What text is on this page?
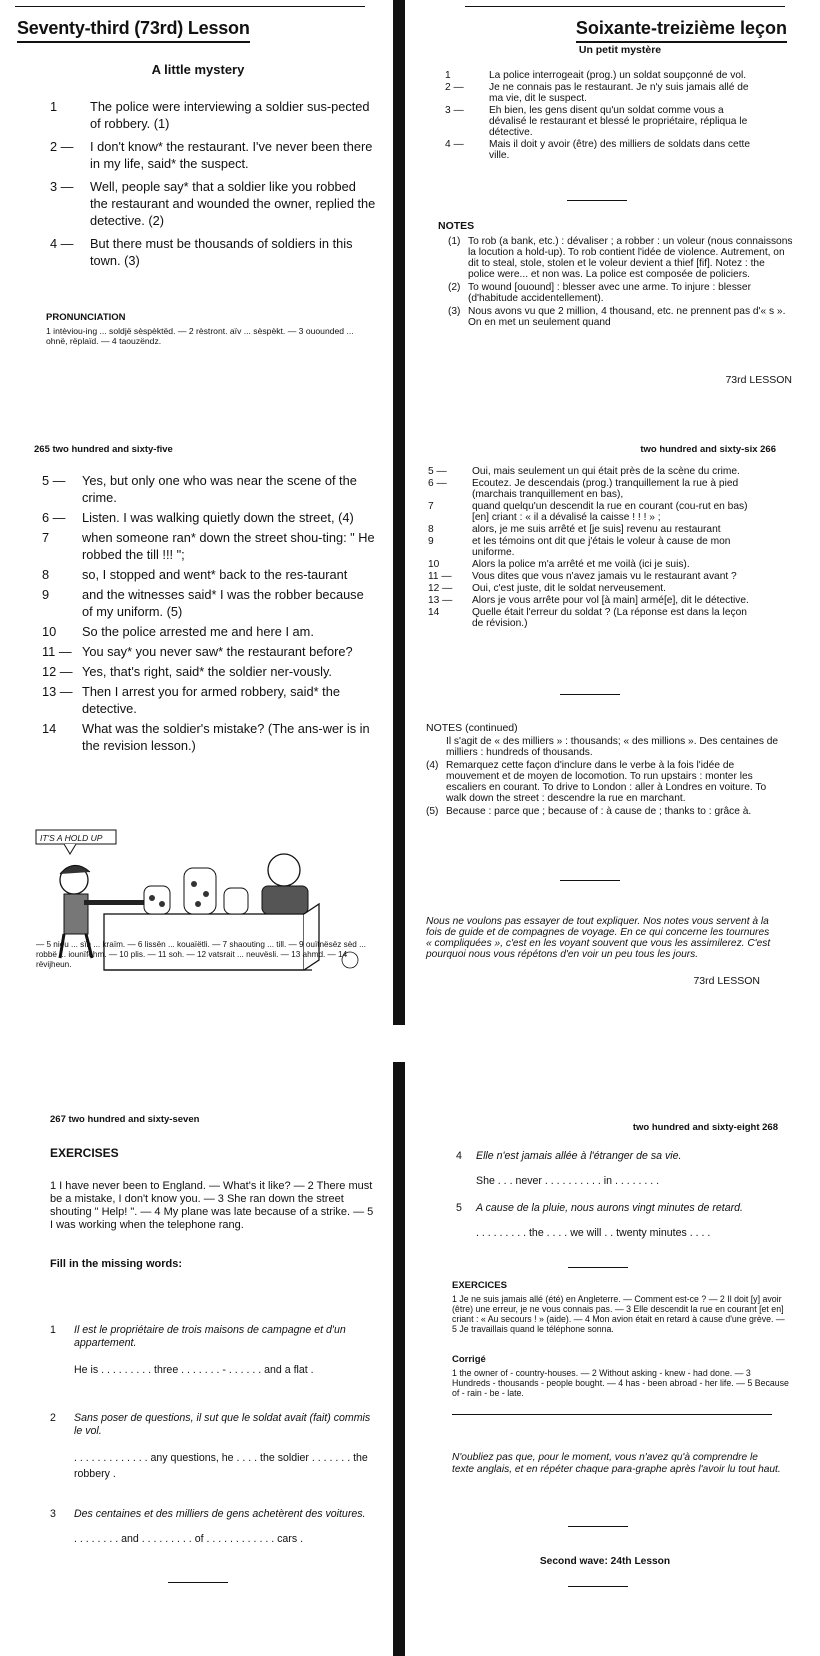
Seventy-third (73rd) Lesson	Soixante-treizième leçon

A little mystery

1	The police were interviewing a soldier sus-pected of robbery. (1)
2 —	I don't know* the restaurant. I've never been there in my life, said* the suspect.
3 —	Well, people say* that a soldier like you robbed the restaurant and wounded the owner, replied the detective. (2)
4 —	But there must be thousands of soldiers in this town. (3)

PRONUNCIATION

1 intèviou-ing ... soldjë sèspèktëd. — 2 rèstront. aïv ... sèspèkt. — 3 ouounded ... ohnë, rëplaïd. — 4 taouzëndz.

Un petit mystère

1	La police interrogeait (prog.) un soldat soupçonné de vol.
2 —	Je ne connais pas le restaurant. Je n'y suis jamais allé de ma vie, dit le suspect.
3 —	Eh bien, les gens disent qu'un soldat comme vous a dévalisé le restaurant et blessé le propriétaire, répliqua le détective.
4 —	Mais il doit y avoir (être) des milliers de soldats dans cette ville.

NOTES

(1) To rob (a bank, etc.) : dévaliser ; a robber : un voleur (nous connaissons la locution a hold-up). To rob contient l'idée de violence. Autrement, on dit to steal, stole, stolen et le voleur devient a thief [fif]. Notez : the police were... et non was. La police est composée de policiers.
(2) To wound [ouound] : blesser avec une arme. To injure : blesser (d'habitude accidentellement).
(3) Nous avons vu que 2 million, 4 thousand, etc. ne prennent pas d'« s ». On en met un seulement quand

73rd LESSON

265 two hundred and sixty-five

5 —	Yes, but only one who was near the scene of the crime.
6 —	Listen. I was walking quietly down the street, (4)
7	when someone ran* down the street shou-ting: " He robbed the till !!! ";
8	so, I stopped and went* back to the res-taurant
9	and the witnesses said* I was the robber because of my uniform. (5)
10	So the police arrested me and here I am.
11 — You say* you never saw* the restaurant before?
12 — Yes, that's right, said* the soldier ner-vously.
13 — Then I arrest you for armed robbery, said* the detective.
14	What was the soldier's mistake? (The ans-wer is in the revision lesson.)
IT'S A HOLD UP

— 5 nieu ... sïn ... kraïm. — 6 lissën ... kouaïëtli. — 7 shaouting ... till. — 9 ouïtnësëz sèd ... robbë ... iounïfohm. — 10 plis. — 11 soh. — 12 vatsrait ... neuvësli. — 13 ahmd. — 14 rëvijheun.

two hundred and sixty-six 266

5 —	Oui, mais seulement un qui était près de la scène du crime.
6 —	Ecoutez. Je descendais (prog.) tranquillement la rue à pied (marchais tranquillement en bas),
7	quand quelqu'un descendit la rue en courant (cou-rut en bas) [en] criant : « il a dévalisé la caisse ! ! ! » ;
8	alors, je me suis arrêté et [je suis] revenu au restaurant
9	et les témoins ont dit que j'étais le voleur à cause de mon uniforme.
10	Alors la police m'a arrêté et me voilà (ici je suis).
11 —	Vous dites que vous n'avez jamais vu le restaurant avant ?
12 —	Oui, c'est juste, dit le soldat nerveusement.
13 —	Alors je vous arrête pour vol [à main] armé[e], dit le détective.
14	Quelle était l'erreur du soldat ? (La réponse est dans la leçon de révision.)

NOTES (continued)

Il s'agit de « des milliers » : thousands; « des millions ». Des centaines de milliers : hundreds of thousands.

(4) Remarquez cette façon d'inclure dans le verbe à la fois l'idée de mouvement et de moyen de locomotion. To run upstairs : monter les escaliers en courant. To drive to London : aller à Londres en voiture. To walk down the street : descendre la rue en marchant.
(5) Because : parce que ; because of : à cause de ; thanks to : grâce à.

Nous ne voulons pas essayer de tout expliquer. Nos notes vous servent à la fois de guide et de compagnes de voyage. En ce qui concerne les tournures « compliquées », c'est en les voyant souvent que vous les assimilerez. C'est pourquoi nous vous répétons d'en voir un peu tous les jours.

73rd LESSON

267 two hundred and sixty-seven

EXERCISES

1 I have never been to England. — What's it like? — 2 There must be a mistake, I don't know you. — 3 She ran down the street shouting " Help! ". — 4 My plane was late because of a strike. — 5 I was working when the telephone rang.

Fill in the missing words:

1	Il est le propriétaire de trois maisons de campagne et d'un appartement.

He is . . . . . . . . . three . . . . . . . - . . . . . . and a flat .

2	Sans poser de questions, il sut que le soldat avait (fait) commis le vol.

. . . . . . . . . . . . . any questions, he . . . . the soldier . . . . . . . the robbery .

3	Des centaines et des milliers de gens achetèrent des voitures.

. . . . . . . . and . . . . . . . . . of . . . . . . . . . . . . cars .

two hundred and sixty-eight 268

4	Elle n'est jamais allée à l'étranger de sa vie.

She . . . never . . . . . . . . . . in . . . . . . . .

5	A cause de la pluie, nous aurons vingt minutes de retard.

. . . . . . . . . the . . . . we will . . twenty minutes . . . .

EXERCICES

1 Je ne suis jamais allé (été) en Angleterre. — Comment est-ce ? — 2 Il doit [y] avoir (être) une erreur, je ne vous connais pas. — 3 Elle descendit la rue en courant [et en] criant : « Au secours ! » (aide). — 4 Mon avion était en retard à cause d'une grève. — 5 Je travaillais quand le téléphone sonna.

Corrigé

1 the owner of - country-houses. — 2 Without asking - knew - had done. — 3 Hundreds - thousands - people bought. — 4 has - been abroad - her life. — 5 Because of - rain - be - late.

N'oubliez pas que, pour le moment, vous n'avez qu'à comprendre le texte anglais, et en répéter chaque para-graphe après l'avoir lu tout haut.

Second wave: 24th Lesson
